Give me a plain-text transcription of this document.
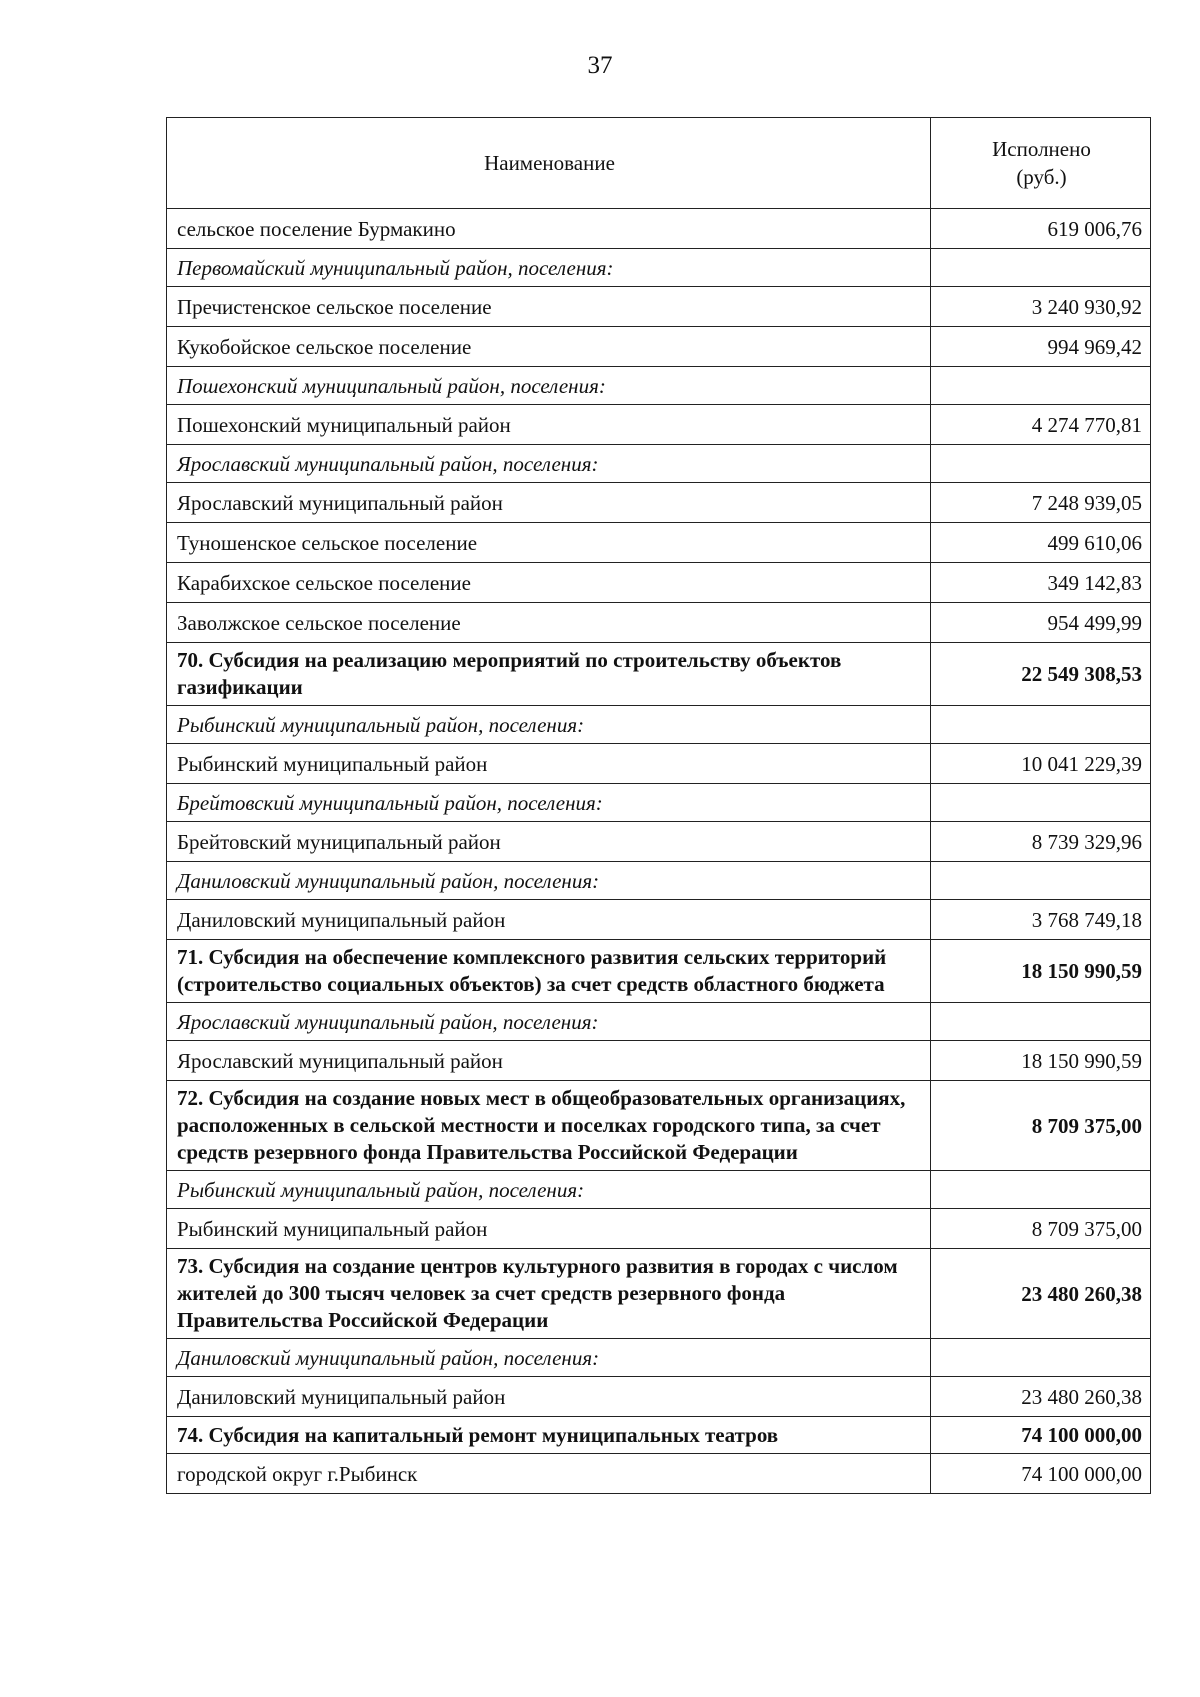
37
Наименование	Исполнено
(руб.)

сельское поселение Бурмакино	619 006,76
Первомайский муниципальный район, поселения:	
Пречистенское сельское поселение	3 240 930,92
Кукобойское сельское поселение	994 969,42
Пошехонский муниципальный район, поселения:	
Пошехонский муниципальный район	4 274 770,81
Ярославский муниципальный район, поселения:	
Ярославский муниципальный район	7 248 939,05
Туношенское сельское поселение	499 610,06
Карабихское сельское поселение	349 142,83
Заволжское сельское поселение	954 499,99
70. Субсидия на реализацию мероприятий по строительству объектов газификации	22 549 308,53
Рыбинский муниципальный район, поселения:	
Рыбинский муниципальный район	10 041 229,39
Брейтовский муниципальный район, поселения:	
Брейтовский муниципальный район	8 739 329,96
Даниловский муниципальный район, поселения:	
Даниловский муниципальный район	3 768 749,18
71. Субсидия на обеспечение комплексного развития сельских территорий (строительство социальных объектов) за счет средств областного бюджета	18 150 990,59
Ярославский муниципальный район, поселения:	
Ярославский муниципальный район	18 150 990,59
72. Субсидия на создание новых мест в общеобразовательных организациях, расположенных в сельской местности и поселках городского типа, за счет средств резервного фонда Правительства Российской Федерации	8 709 375,00
Рыбинский муниципальный район, поселения:	
Рыбинский муниципальный район	8 709 375,00
73. Субсидия на создание центров культурного развития в городах с числом жителей до 300 тысяч человек за счет средств резервного фонда Правительства Российской Федерации	23 480 260,38
Даниловский муниципальный район, поселения:	
Даниловский муниципальный район	23 480 260,38
74. Субсидия на капитальный ремонт муниципальных театров	74 100 000,00
городской округ г.Рыбинск	74 100 000,00
